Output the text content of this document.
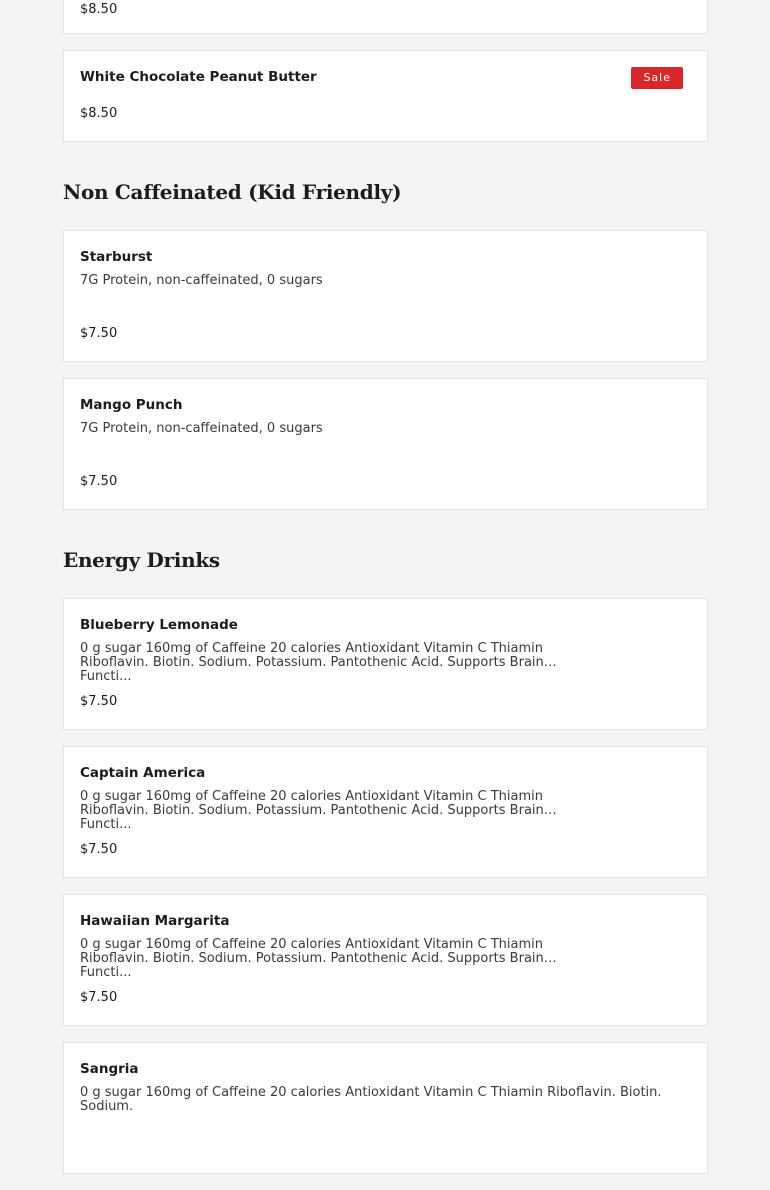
$8.50
White Chocolate Peanut Butter	Sale
$8.50
Non Caffeinated (Kid Friendly)
Starburst
7G Protein, non-caffeinated, 0 sugars
$7.50
Mango Punch
7G Protein, non-caffeinated, 0 sugars
$7.50
Energy Drinks
Blueberry Lemonade
0 g sugar 160mg of Caffeine 20 calories Antioxidant Vitamin C Thiamin Riboflavin. Biotin. Sodium. Potassium. Pantothenic Acid. Supports Brain Functi...
$7.50
Captain America
0 g sugar 160mg of Caffeine 20 calories Antioxidant Vitamin C Thiamin Riboflavin. Biotin. Sodium. Potassium. Pantothenic Acid. Supports Brain Functi...
$7.50
Hawaiian Margarita
0 g sugar 160mg of Caffeine 20 calories Antioxidant Vitamin C Thiamin Riboflavin. Biotin. Sodium. Potassium. Pantothenic Acid. Supports Brain Functi...
$7.50
Sangria
0 g sugar 160mg of Caffeine 20 calories Antioxidant Vitamin C Thiamin Riboflavin. Biotin. Sodium.
